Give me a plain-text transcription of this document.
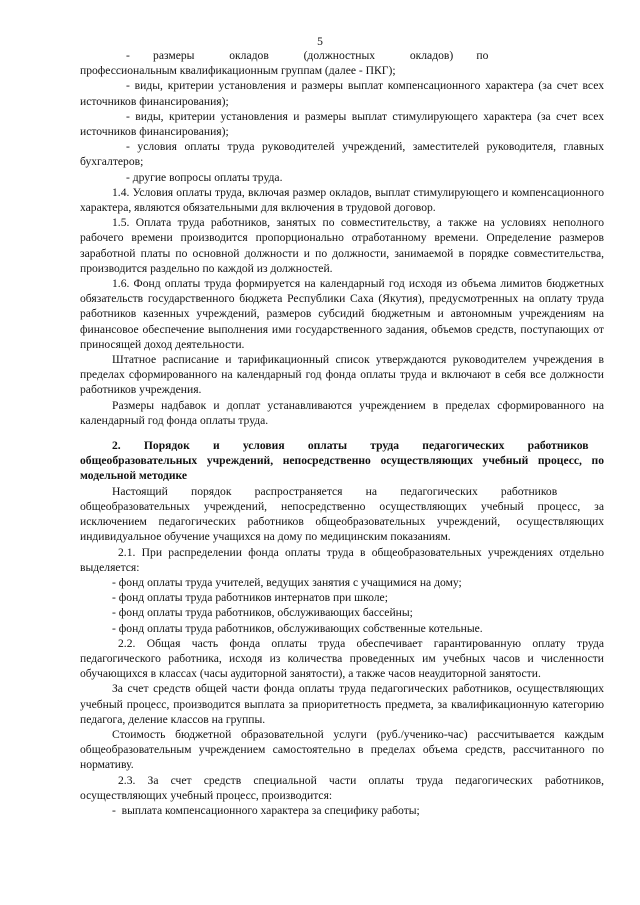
5

-  размеры   окладов   (должностных   окладов)  по   профессиональным квалификационным группам (далее - ПКГ);

- виды, критерии установления и размеры выплат компенсационного характера (за счет всех источников финансирования);

- виды, критерии установления и размеры выплат стимулирующего характера (за счет всех источников финансирования);

- условия оплаты труда руководителей учреждений, заместителей руководителя, главных бухгалтеров;

- другие вопросы оплаты труда.

1.4. Условия оплаты труда, включая размер окладов, выплат стимулирующего и компенсационного характера, являются обязательными для включения в трудовой договор.

1.5. Оплата труда работников, занятых по совместительству, а также на условиях неполного рабочего времени производится пропорционально отработанному времени. Определение размеров заработной платы по основной должности и по должности, занимаемой в порядке совместительства, производится раздельно по каждой из должностей.

1.6. Фонд оплаты труда формируется на календарный год исходя из объема лимитов бюджетных обязательств государственного бюджета Республики Саха (Якутия), предусмотренных на оплату труда работников казенных учреждений, размеров субсидий бюджетным и автономным учреждениям на финансовое обеспечение выполнения ими государственного задания, объемов средств, поступающих от приносящей доход деятельности.

Штатное расписание и тарификационный список утверждаются руководителем учреждения в пределах сформированного на календарный год фонда оплаты труда и включают в себя все должности работников учреждения.

Размеры надбавок и доплат устанавливаются учреждением в пределах сформированного на календарный год фонда оплаты труда.

2.  Порядок  и  условия  оплаты  труда  педагогических  работников общеобразовательных учреждений, непосредственно осуществляющих учебный процесс, по модельной методике

Настоящий  порядок  распространяется  на  педагогических  работников общеобразовательных учреждений, непосредственно осуществляющих учебный процесс, за исключением педагогических работников общеобразовательных учреждений, осуществляющих индивидуальное обучение учащихся на дому по медицинским показаниям.

2.1. При распределении фонда оплаты труда в общеобразовательных учреждениях отдельно выделяется:

- фонд оплаты труда учителей, ведущих занятия с учащимися на дому;

- фонд оплаты труда работников интернатов при школе;

- фонд оплаты труда работников, обслуживающих бассейны;

- фонд оплаты труда работников, обслуживающих собственные котельные.

2.2. Общая часть фонда оплаты труда обеспечивает гарантированную оплату труда педагогического работника, исходя из количества проведенных им учебных часов и численности обучающихся в классах (часы аудиторной занятости), а также часов неаудиторной занятости.

За счет средств общей части фонда оплаты труда педагогических работников, осуществляющих учебный процесс, производится выплата за приоритетность предмета, за квалификационную категорию педагога, деление классов на группы.

Стоимость бюджетной образовательной услуги (руб./ученико-час) рассчитывается каждым общеобразовательным учреждением самостоятельно в пределах объема средств, рассчитанного по нормативу.

2.3. За счет средств специальной части оплаты труда педагогических работников, осуществляющих учебный процесс, производится:

- выплата компенсационного характера за специфику работы;
